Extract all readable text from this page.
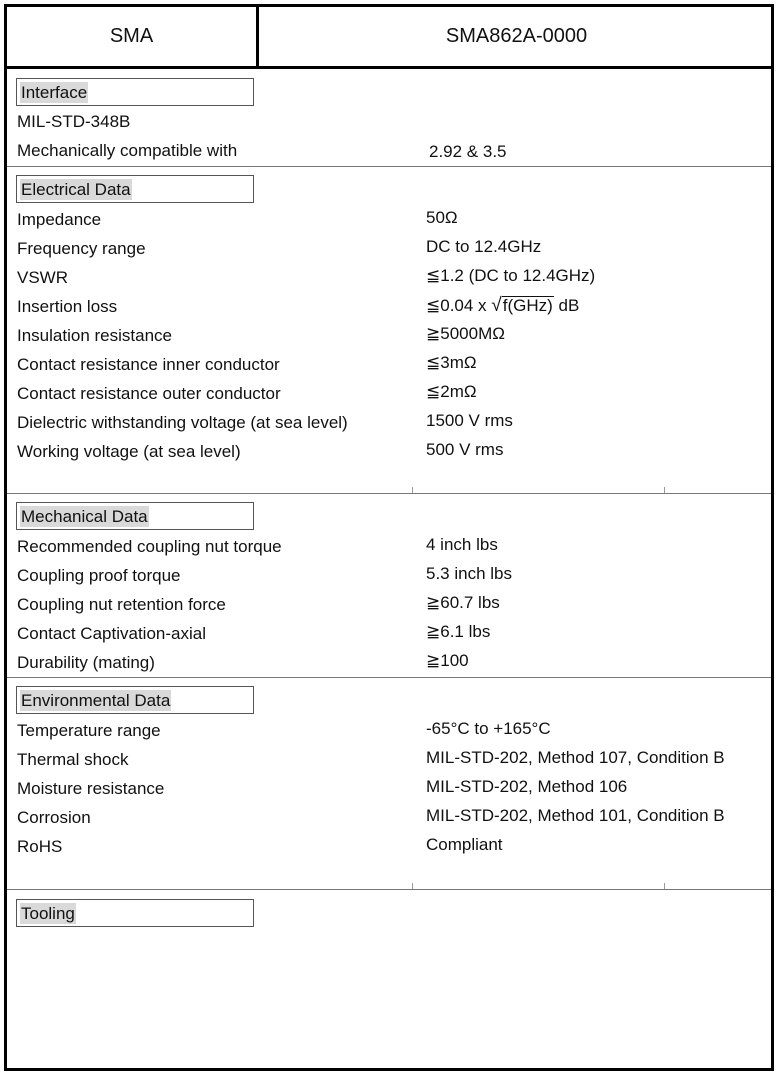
SMA	SMA862A-0000
Interface
MIL-STD-348B
Mechanically compatible with	2.92 & 3.5
Electrical Data
Impedance	50Ω
Frequency range	DC to 12.4GHz
VSWR	≦1.2 (DC to 12.4GHz)
Insertion loss	≦0.04 x √f(GHz) dB
Insulation resistance	≧5000MΩ
Contact resistance inner conductor	≦3mΩ
Contact resistance outer conductor	≦2mΩ
Dielectric withstanding voltage (at sea level)	1500 V rms
Working voltage (at sea level)	500 V rms
Mechanical Data
Recommended coupling nut torque	4 inch lbs
Coupling proof torque	5.3 inch lbs
Coupling nut retention force	≧60.7 lbs
Contact Captivation-axial	≧6.1 lbs
Durability (mating)	≧100
Environmental Data
Temperature range	-65°C to +165°C
Thermal shock	MIL-STD-202, Method 107, Condition B
Moisture resistance	MIL-STD-202, Method 106
Corrosion	MIL-STD-202, Method 101, Condition B
RoHS	Compliant
Tooling
